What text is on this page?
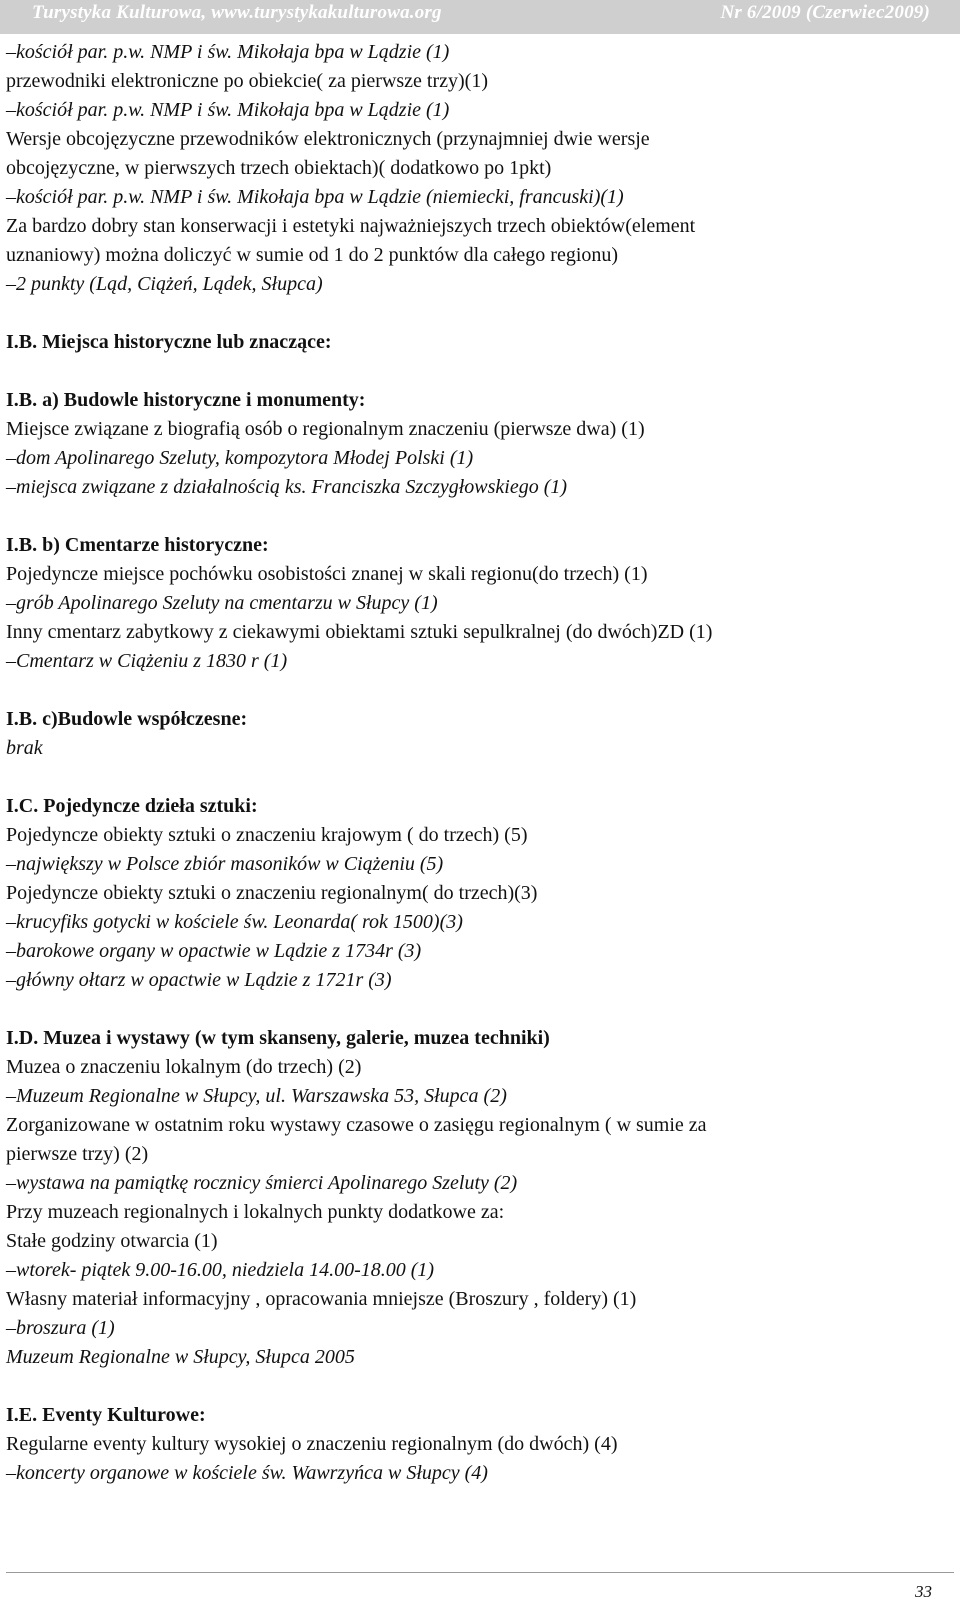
Turystyka Kulturowa, www.turystykakulturowa.org	Nr 6/2009 (Czerwiec2009)
–kościół par. p.w. NMP i św. Mikołaja bpa w Lądzie (1)
przewodniki elektroniczne po obiekcie( za pierwsze trzy)(1)
–kościół par. p.w. NMP i św. Mikołaja bpa w Lądzie (1)
Wersje obcojęzyczne przewodników elektronicznych (przynajmniej dwie wersje
obcojęzyczne, w pierwszych trzech obiektach)( dodatkowo po 1pkt)
–kościół par. p.w. NMP i św. Mikołaja bpa w Lądzie (niemiecki, francuski)(1)
Za bardzo dobry stan konserwacji i estetyki najważniejszych trzech obiektów(element
uznaniowy) można doliczyć w sumie od 1 do 2 punktów dla całego regionu)
–2 punkty (Ląd, Ciążeń, Lądek, Słupca)
I.B. Miejsca historyczne lub znaczące:
I.B. a) Budowle historyczne i monumenty:
Miejsce związane z biografią osób o regionalnym znaczeniu (pierwsze dwa) (1)
–dom Apolinarego Szeluty, kompozytora Młodej Polski (1)
–miejsca związane z działalnością ks. Franciszka Szczygłowskiego (1)
I.B. b) Cmentarze historyczne:
Pojedyncze miejsce pochówku osobistości znanej w skali regionu(do trzech) (1)
–grób Apolinarego Szeluty na cmentarzu w Słupcy (1)
Inny cmentarz zabytkowy z ciekawymi obiektami sztuki sepulkralnej (do dwóch)ZD (1)
–Cmentarz w Ciążeniu z 1830 r (1)
I.B. c)Budowle współczesne:
brak
I.C. Pojedyncze dzieła sztuki:
Pojedyncze obiekty sztuki o znaczeniu krajowym ( do trzech) (5)
–największy w Polsce zbiór masoników w Ciążeniu (5)
Pojedyncze obiekty sztuki o znaczeniu regionalnym( do trzech)(3)
–krucyfiks gotycki w kościele św. Leonarda( rok 1500)(3)
–barokowe organy w opactwie w Lądzie z 1734r (3)
–główny ołtarz w opactwie w Lądzie z 1721r (3)
I.D. Muzea i wystawy (w tym skanseny, galerie, muzea techniki)
Muzea o znaczeniu lokalnym (do trzech) (2)
–Muzeum Regionalne w Słupcy, ul. Warszawska 53, Słupca (2)
Zorganizowane w ostatnim roku wystawy czasowe o zasięgu regionalnym ( w sumie za
pierwsze trzy) (2)
–wystawa na pamiątkę rocznicy śmierci Apolinarego Szeluty (2)
Przy muzeach regionalnych i lokalnych punkty dodatkowe za:
Stałe godziny otwarcia (1)
–wtorek- piątek 9.00-16.00, niedziela 14.00-18.00 (1)
Własny materiał informacyjny , opracowania mniejsze (Broszury , foldery) (1)
–broszura (1)
Muzeum Regionalne w Słupcy, Słupca 2005
I.E. Eventy Kulturowe:
Regularne eventy kultury wysokiej o znaczeniu regionalnym (do dwóch) (4)
–koncerty organowe w kościele św. Wawrzyńca w Słupcy (4)
33
